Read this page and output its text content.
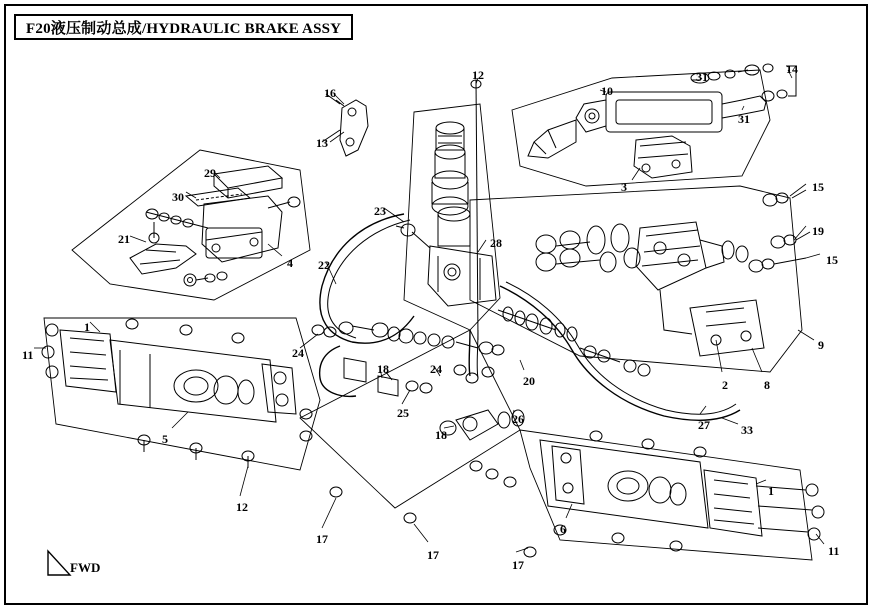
F20液压制动总成/HYDRAULIC BRAKE ASSY
FWD
16
12
10
31
14
31
13
3
29
30
15
19
23
21
15
4
28
22
1
11
9
2	8
24
18	24
20
25	26
18
5
27	33
1
12
6
17
17
17
11
